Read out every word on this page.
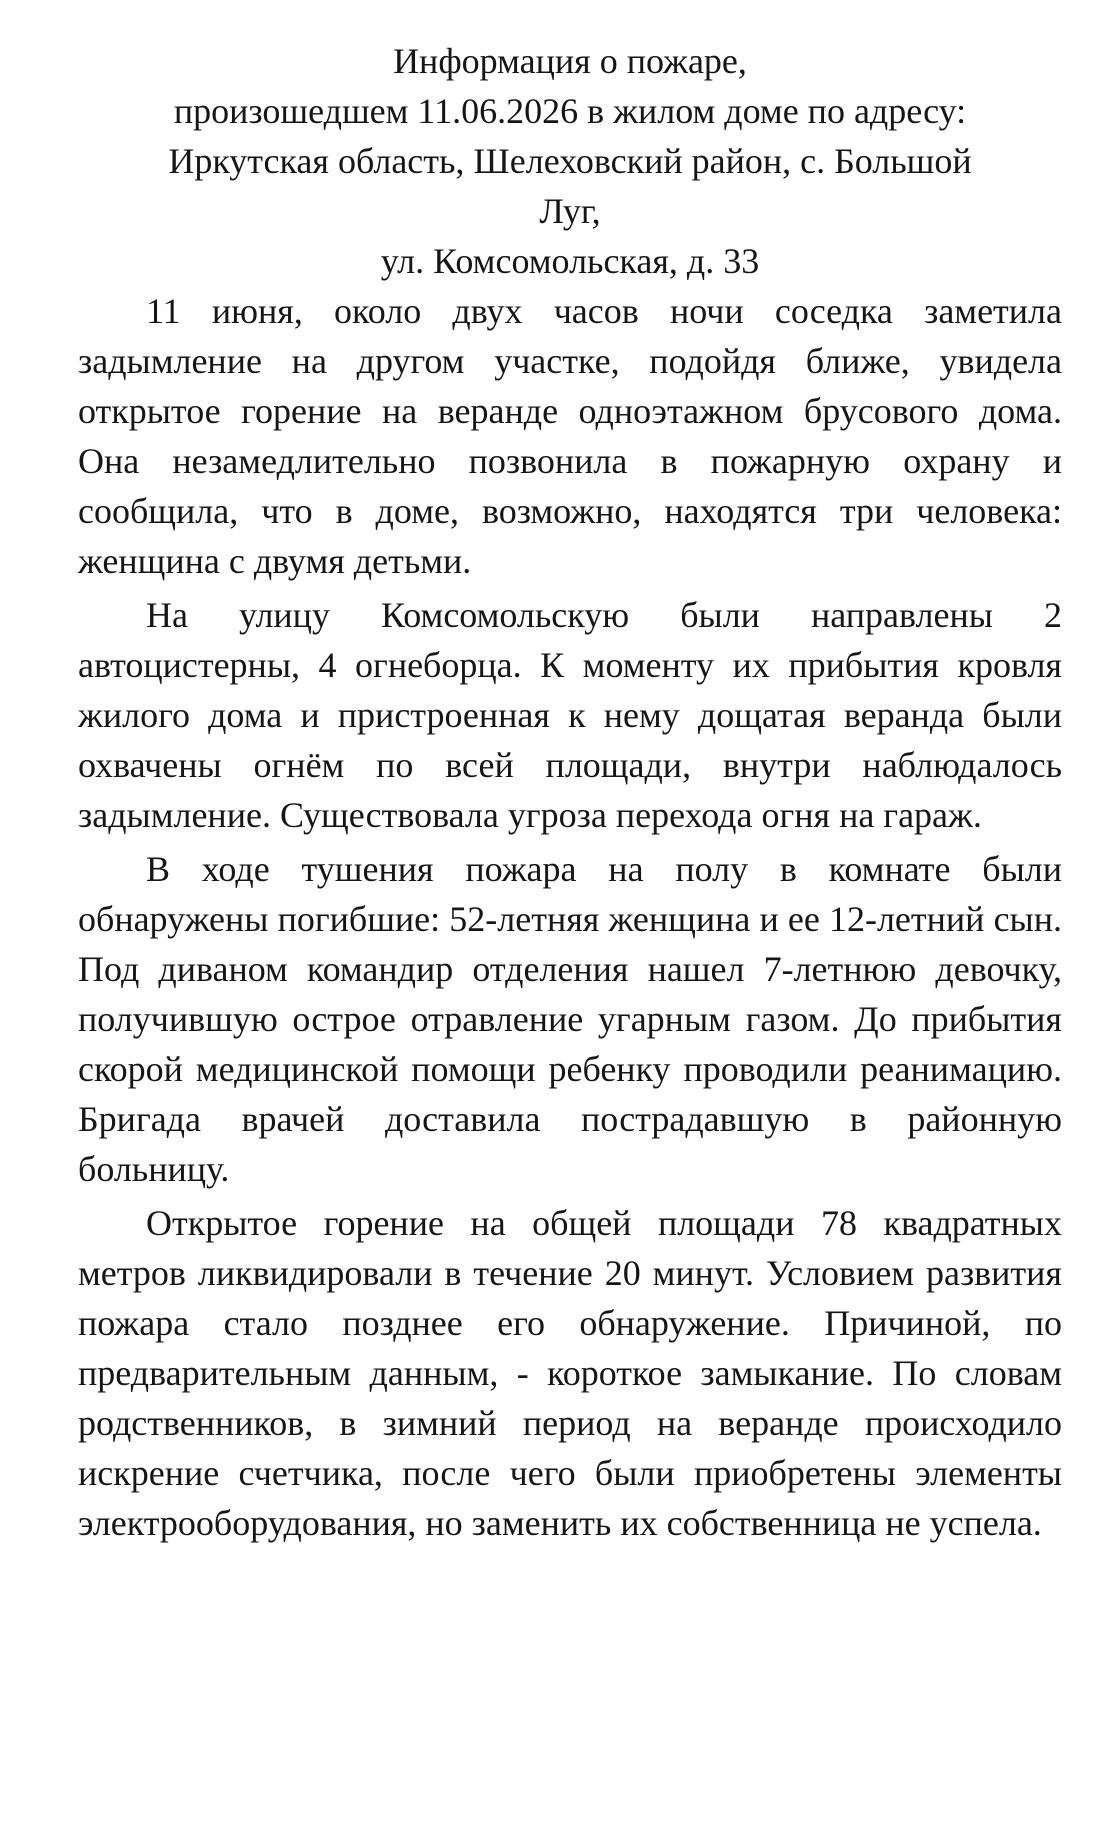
Информация о пожаре,
произошедшем 11.06.2026 в жилом доме по адресу:
Иркутская область, Шелеховский район, с. Большой
Луг,
ул. Комсомольская, д. 33

11 июня, около двух часов ночи соседка заметила задымление на другом участке, подойдя ближе, увидела открытое горение на веранде одноэтажном брусового дома. Она незамедлительно позвонила в пожарную охрану и сообщила, что в доме, возможно, находятся три человека: женщина с двумя детьми.

На улицу Комсомольскую были направлены 2 автоцистерны, 4 огнеборца. К моменту их прибытия кровля жилого дома и пристроенная к нему дощатая веранда были охвачены огнём по всей площади, внутри наблюдалось задымление. Существовала угроза перехода огня на гараж.

В ходе тушения пожара на полу в комнате были обнаружены погибшие: 52-летняя женщина и ее 12-летний сын. Под диваном командир отделения нашел 7-летнюю девочку, получившую острое отравление угарным газом. До прибытия скорой медицинской помощи ребенку проводили реанимацию. Бригада врачей доставила пострадавшую в районную больницу.

Открытое горение на общей площади 78 квадратных метров ликвидировали в течение 20 минут. Условием развития пожара стало позднее его обнаружение. Причиной, по предварительным данным, - короткое замыкание. По словам родственников, в зимний период на веранде происходило искрение счетчика, после чего были приобретены элементы электрооборудования, но заменить их собственница не успела.
